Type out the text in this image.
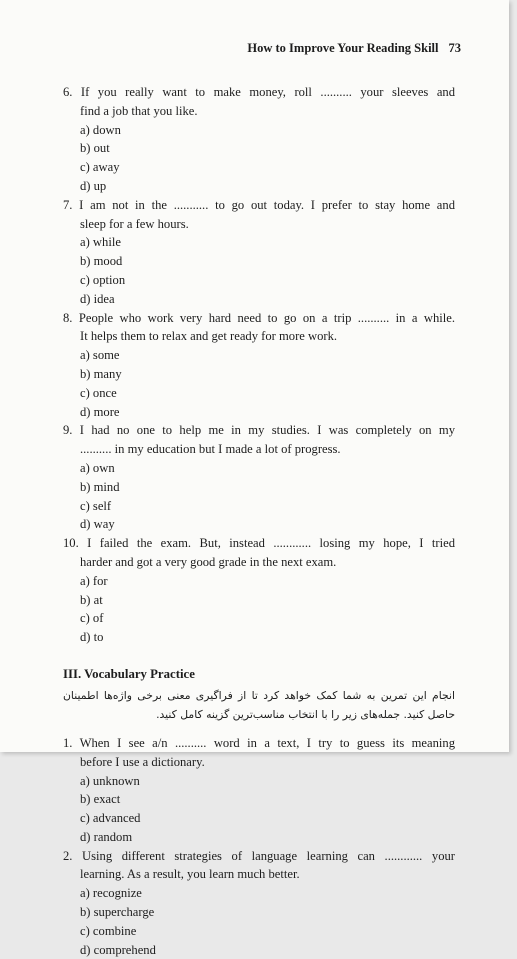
How to Improve Your Reading Skill 73

6. If you really want to make money, roll .......... your sleeves and

find a job that you like.

a) down
b) out
c) away
d) up

7. I am not in the ........... to go out today. I prefer to stay home and

sleep for a few hours.

a) while
b) mood
c) option
d) idea

8. People who work very hard need to go on a trip .......... in a while.

It helps them to relax and get ready for more work.

a) some
b) many
c) once
d) more

9. I had no one to help me in my studies. I was completely on my

.......... in my education but I made a lot of progress.

a) own
b) mind
c) self
d) way

10. I failed the exam. But, instead ............ losing my hope, I tried

harder and got a very good grade in the next exam.

a) for
b) at
c) of
d) to
III. Vocabulary Practice

انجام این تمرین به شما کمک خواهد کرد تا از فراگیری معنی برخی واژه‌ها اطمینان

حاصل کنید. جمله‌های زیر را با انتخاب مناسب‌ترین گزینه کامل کنید.

1. When I see a/n .......... word in a text, I try to guess its meaning

before I use a dictionary.

a) unknown
b) exact
c) advanced
d) random

2. Using different strategies of language learning can ............ your

learning. As a result, you learn much better.

a) recognize
b) supercharge
c) combine
d) comprehend
